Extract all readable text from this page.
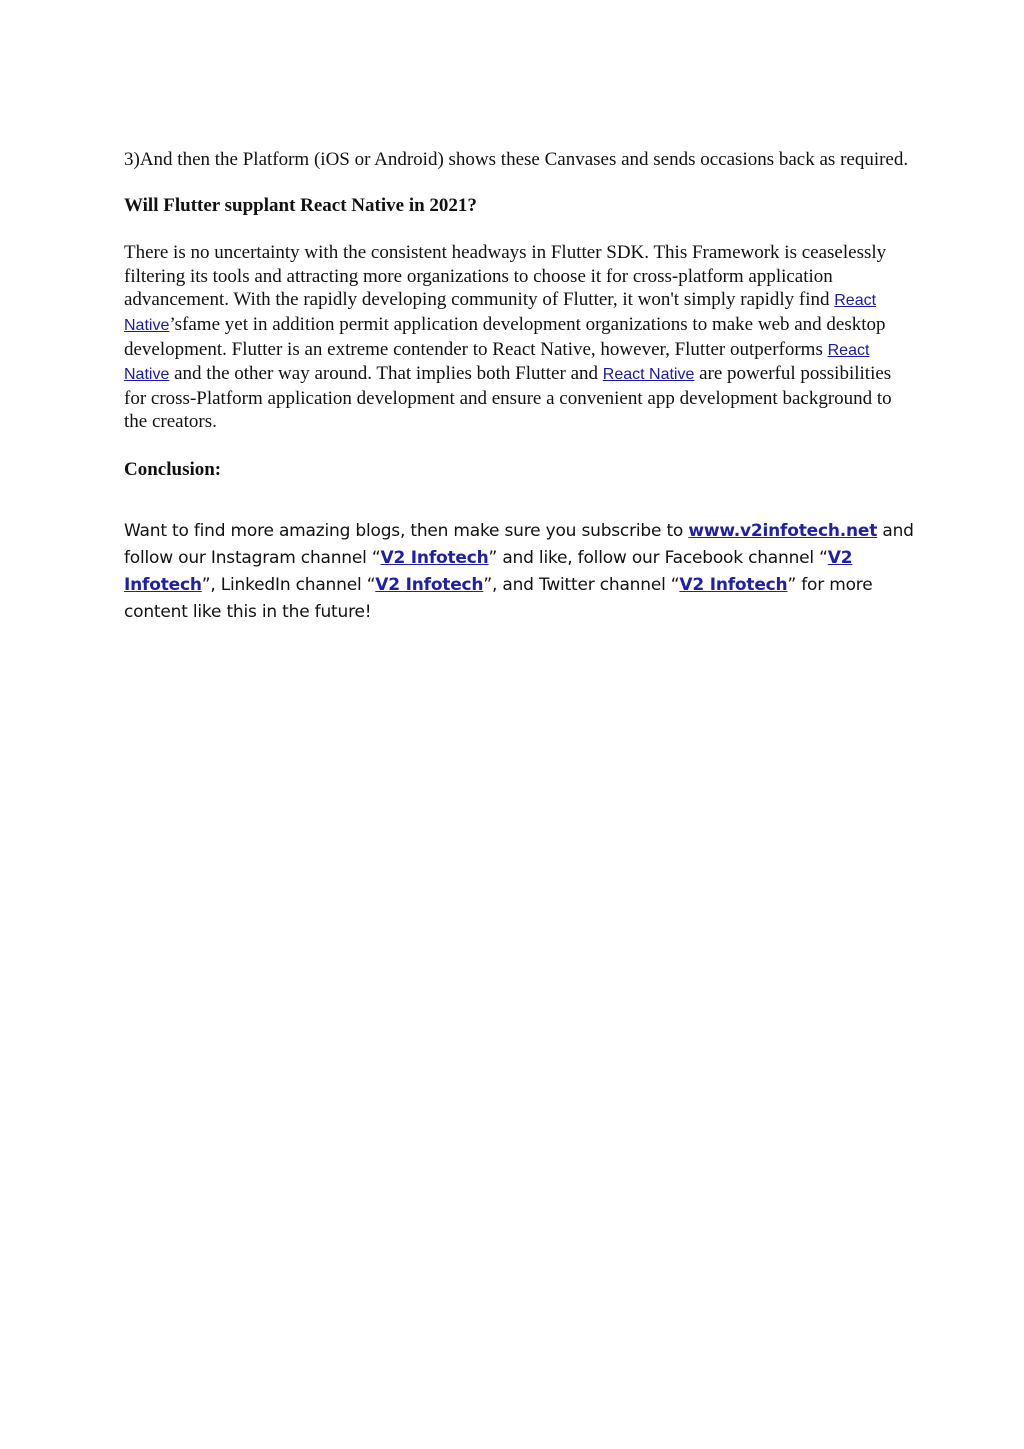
3)And then the Platform (iOS or Android) shows these Canvases and sends occasions back as required.

Will Flutter supplant React Native in 2021?

There is no uncertainty with the consistent headways in Flutter SDK. This Framework is ceaselessly filtering its tools and attracting more organizations to choose it for cross-platform application advancement. With the rapidly developing community of Flutter, it won't simply rapidly find React Native’sfame yet in addition permit application development organizations to make web and desktop development. Flutter is an extreme contender to React Native, however, Flutter outperforms React Native and the other way around. That implies both Flutter and React Native are powerful possibilities for cross-Platform application development and ensure a convenient app development background to the creators.

Conclusion:

Want to find more amazing blogs, then make sure you subscribe to www.v2infotech.net and follow our Instagram channel “V2 Infotech” and like, follow our Facebook channel “V2 Infotech”, LinkedIn channel “V2 Infotech”, and Twitter channel “V2 Infotech” for more content like this in the future!
